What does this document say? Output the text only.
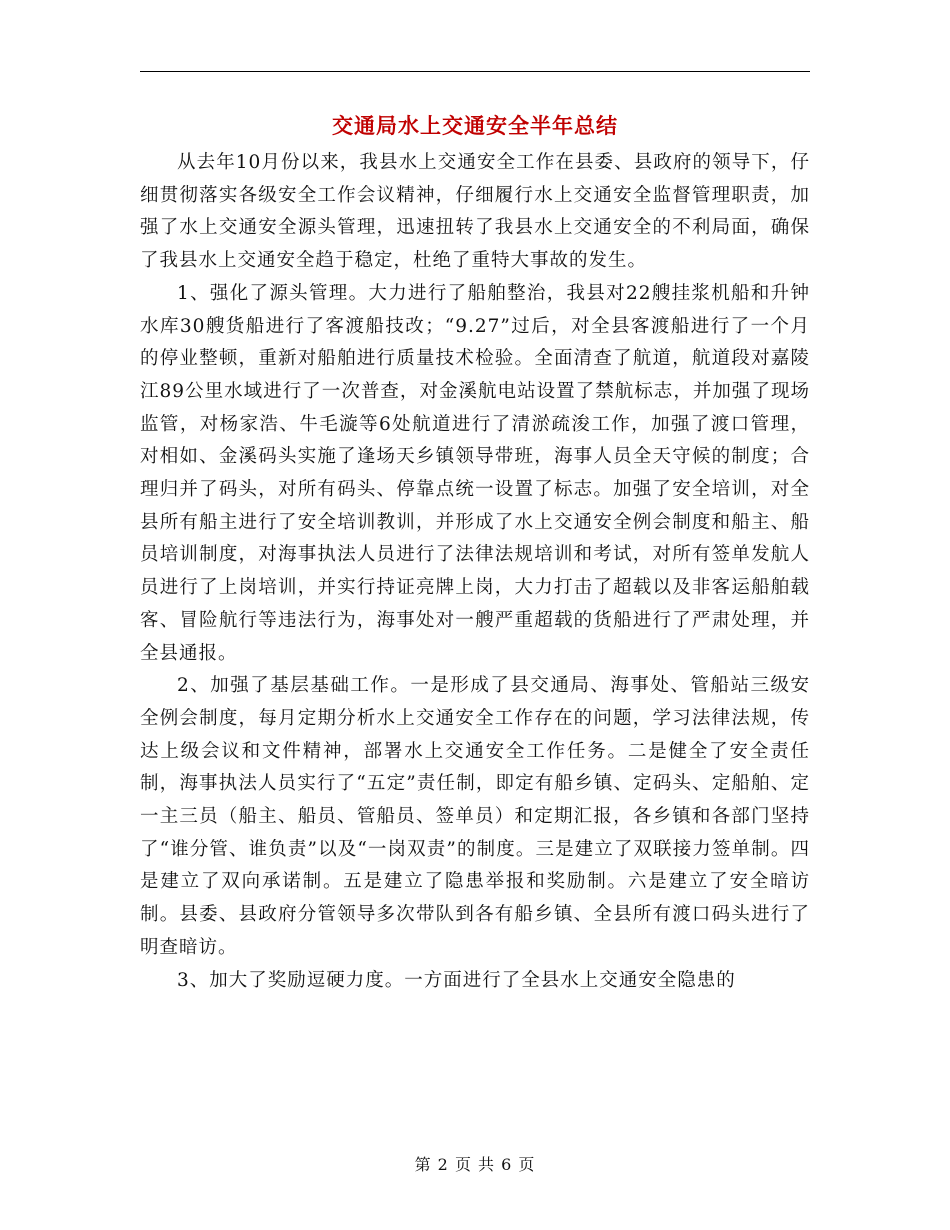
交通局水上交通安全半年总结

从去年10月份以来，我县水上交通安全工作在县委、县政府的领导下，仔细贯彻落实各级安全工作会议精神，仔细履行水上交通安全监督管理职责，加强了水上交通安全源头管理，迅速扭转了我县水上交通安全的不利局面，确保了我县水上交通安全趋于稳定，杜绝了重特大事故的发生。

1、强化了源头管理。大力进行了船舶整治，我县对22艘挂浆机船和升钟水库30艘货船进行了客渡船技改；“9.27”过后，对全县客渡船进行了一个月的停业整顿，重新对船舶进行质量技术检验。全面清查了航道，航道段对嘉陵江89公里水域进行了一次普查，对金溪航电站设置了禁航标志，并加强了现场监管，对杨家浩、牛毛漩等6处航道进行了清淤疏浚工作，加强了渡口管理，对相如、金溪码头实施了逢场天乡镇领导带班，海事人员全天守候的制度；合理归并了码头，对所有码头、停靠点统一设置了标志。加强了安全培训，对全县所有船主进行了安全培训教训，并形成了水上交通安全例会制度和船主、船员培训制度，对海事执法人员进行了法律法规培训和考试，对所有签单发航人员进行了上岗培训，并实行持证亮牌上岗，大力打击了超载以及非客运船舶载客、冒险航行等违法行为，海事处对一艘严重超载的货船进行了严肃处理，并全县通报。

2、加强了基层基础工作。一是形成了县交通局、海事处、管船站三级安全例会制度，每月定期分析水上交通安全工作存在的问题，学习法律法规，传达上级会议和文件精神，部署水上交通安全工作任务。二是健全了安全责任制，海事执法人员实行了“五定”责任制，即定有船乡镇、定码头、定船舶、定一主三员（船主、船员、管船员、签单员）和定期汇报，各乡镇和各部门坚持了“谁分管、谁负责”以及“一岗双责”的制度。三是建立了双联接力签单制。四是建立了双向承诺制。五是建立了隐患举报和奖励制。六是建立了安全暗访制。县委、县政府分管领导多次带队到各有船乡镇、全县所有渡口码头进行了明查暗访。

3、加大了奖励逗硬力度。一方面进行了全县水上交通安全隐患的

第 2 页 共 6 页
